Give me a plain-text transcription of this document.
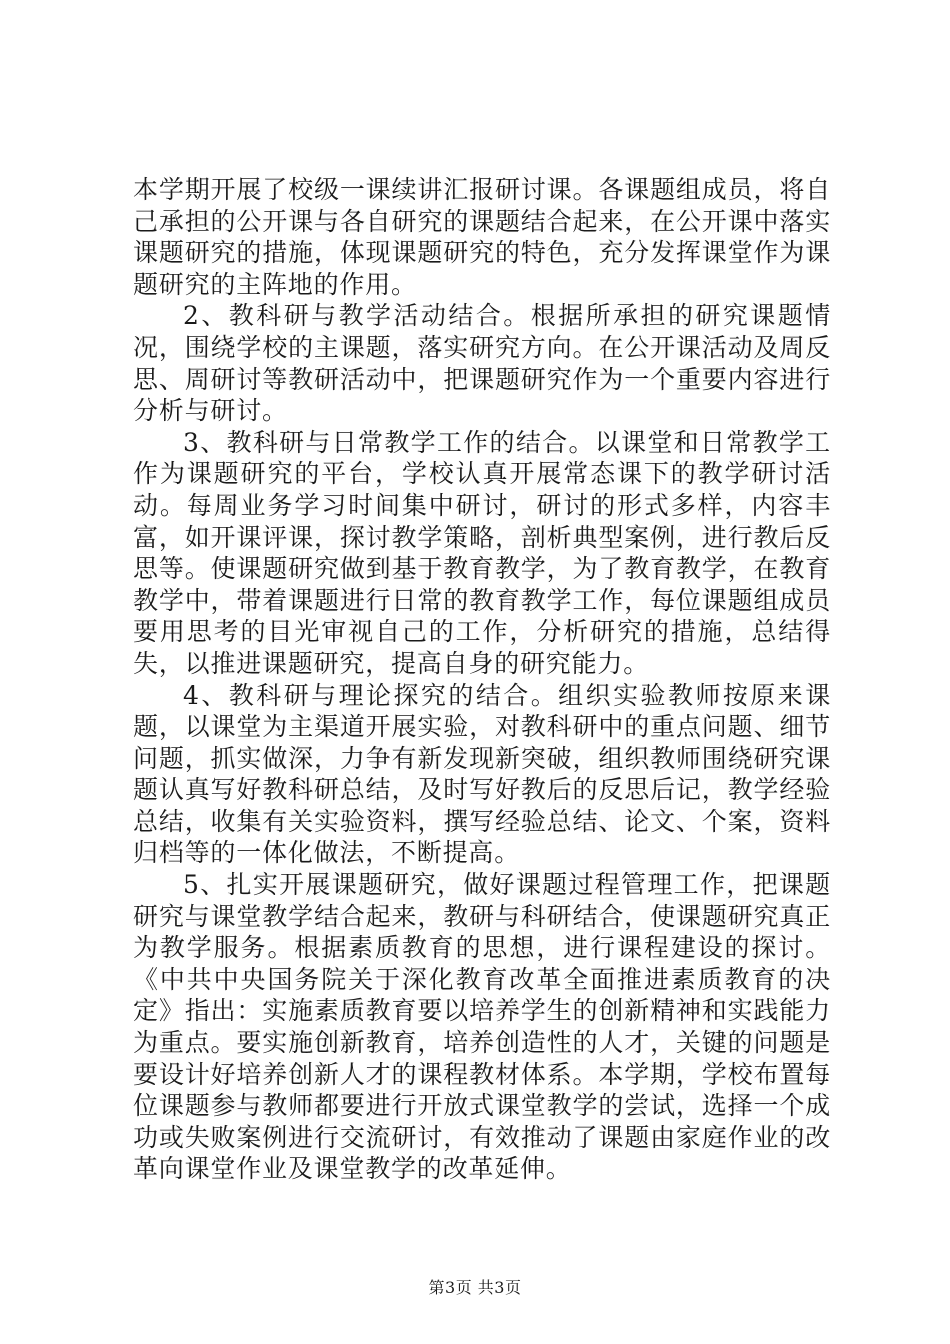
本学期开展了校级一课续讲汇报研讨课。各课题组成员，将自己承担的公开课与各自研究的课题结合起来，在公开课中落实课题研究的措施，体现课题研究的特色，充分发挥课堂作为课题研究的主阵地的作用。

2、教科研与教学活动结合。根据所承担的研究课题情况，围绕学校的主课题，落实研究方向。在公开课活动及周反思、周研讨等教研活动中，把课题研究作为一个重要内容进行分析与研讨。

3、教科研与日常教学工作的结合。以课堂和日常教学工作为课题研究的平台，学校认真开展常态课下的教学研讨活动。每周业务学习时间集中研讨，研讨的形式多样，内容丰富，如开课评课，探讨教学策略，剖析典型案例，进行教后反思等。使课题研究做到基于教育教学，为了教育教学，在教育教学中，带着课题进行日常的教育教学工作，每位课题组成员要用思考的目光审视自己的工作，分析研究的措施，总结得失，以推进课题研究，提高自身的研究能力。

4、教科研与理论探究的结合。组织实验教师按原来课题，以课堂为主渠道开展实验，对教科研中的重点问题、细节问题，抓实做深，力争有新发现新突破，组织教师围绕研究课题认真写好教科研总结，及时写好教后的反思后记，教学经验总结，收集有关实验资料，撰写经验总结、论文、个案，资料归档等的一体化做法，不断提高。

5、扎实开展课题研究，做好课题过程管理工作，把课题研究与课堂教学结合起来，教研与科研结合，使课题研究真正为教学服务。根据素质教育的思想，进行课程建设的探讨。《中共中央国务院关于深化教育改革全面推进素质教育的决定》指出：实施素质教育要以培养学生的创新精神和实践能力为重点。要实施创新教育，培养创造性的人才，关键的问题是要设计好培养创新人才的课程教材体系。本学期，学校布置每位课题参与教师都要进行开放式课堂教学的尝试，选择一个成功或失败案例进行交流研讨，有效推动了课题由家庭作业的改革向课堂作业及课堂教学的改革延伸。

第3页 共3页
